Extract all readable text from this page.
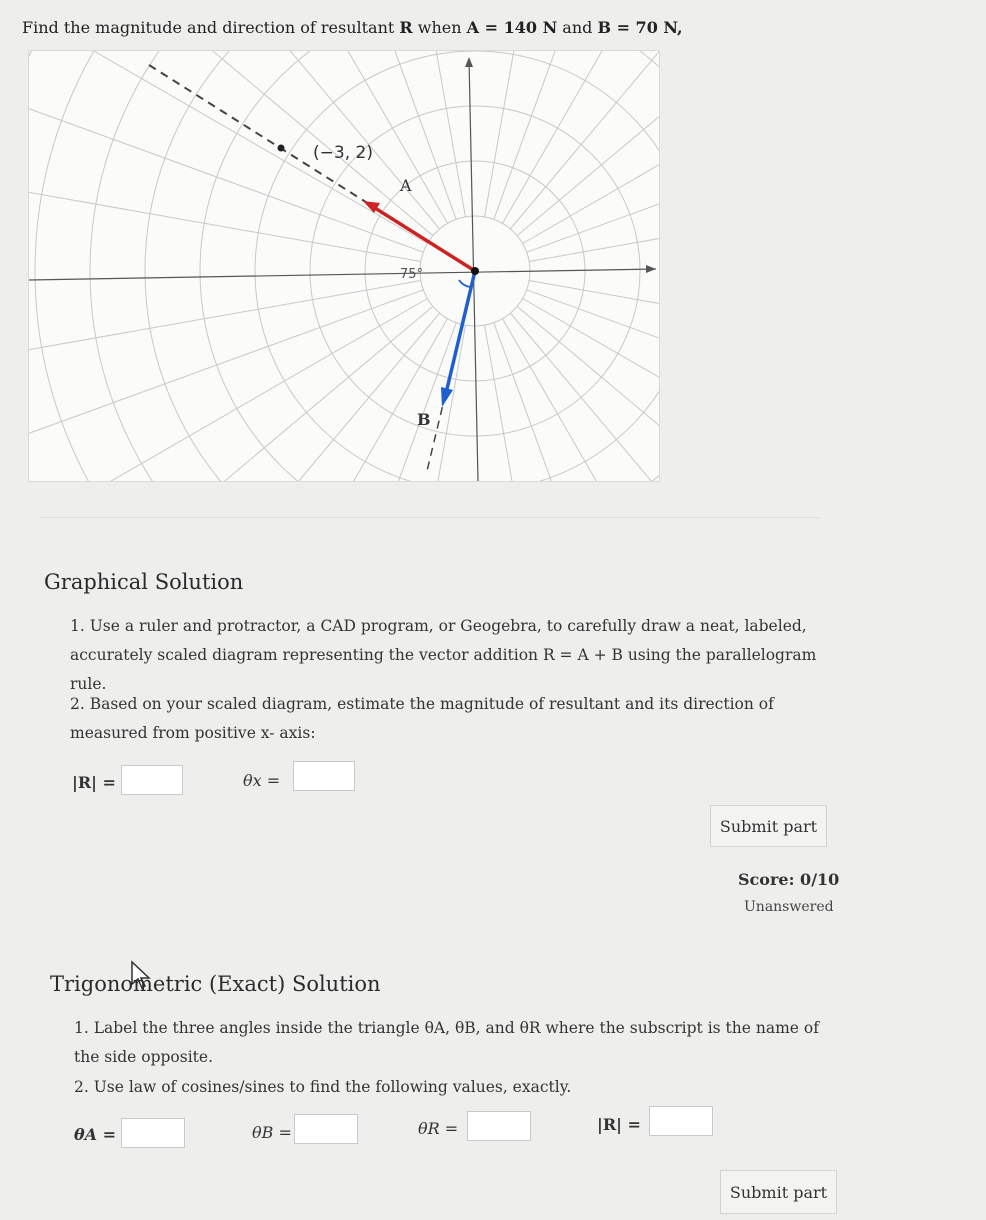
Find the magnitude and direction of resultant R when A = 140 N and B = 70 N,
(−3, 2)
A
B
75°
Graphical Solution
1. Use a ruler and protractor, a CAD program, or Geogebra, to carefully draw a neat, labeled, accurately scaled diagram representing the vector addition R = A + B using the parallelogram rule.
2. Based on your scaled diagram, estimate the magnitude of resultant and its direction of measured from positive x- axis:
|R| =	θx =
Submit part
Score: 0/10
Unanswered
Trigonometric (Exact) Solution
1. Label the three angles inside the triangle θA, θB, and θR where the subscript is the name of the side opposite.
2. Use law of cosines/sines to find the following values, exactly.
θA =	θB =	θR =	|R| =
Submit part
